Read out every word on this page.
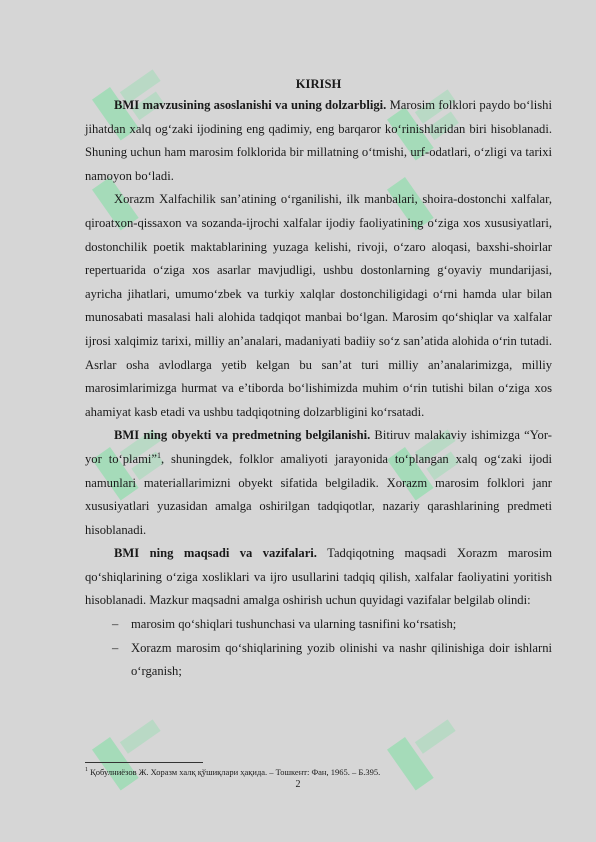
KIRISH

BMI mavzusining asoslanishi va uning dolzarbligi. Marosim folklori paydo bo‘lishi jihatdan xalq og‘zaki ijodining eng qadimiy, eng barqaror ko‘rinishlaridan biri hisoblanadi. Shuning uchun ham marosim folklorida bir millatning o‘tmishi, urf-odatlari, o‘zligi va tarixi namoyon bo‘ladi.

Xorazm Xalfachilik san’atining o‘rganilishi, ilk manbalari, shoira-dostonchi xalfalar, qiroatxon-qissaxon va sozanda-ijrochi xalfalar ijodiy faoliyatining o‘ziga xos xususiyatlari, dostonchilik poetik maktablarining yuzaga kelishi, rivoji, o‘zaro aloqasi, baxshi-shoirlar repertuarida o‘ziga xos asarlar mavjudligi, ushbu dostonlarning g‘oyaviy mundarijasi, ayricha jihatlari, umumo‘zbek va turkiy xalqlar dostonchiligidagi o‘rni hamda ular bilan munosabati masalasi hali alohida tadqiqot manbai bo‘lgan. Marosim qo‘shiqlar va xalfalar ijrosi xalqimiz tarixi, milliy an’analari, madaniyati badiiy so‘z san’atida alohida o‘rin tutadi. Asrlar osha avlodlarga yetib kelgan bu san’at turi milliy an’analarimizga, milliy marosimlarimizga hurmat va e’tiborda bo‘lishimizda muhim o‘rin tutishi bilan o‘ziga xos ahamiyat kasb etadi va ushbu tadqiqotning dolzarbligini ko‘rsatadi.

BMI ning obyekti va predmetning belgilanishi. Bitiruv malakaviy ishimizga “Yor-yor to‘plami”$^1$, shuningdek, folklor amaliyoti jarayonida to‘plangan xalq og‘zaki ijodi namunlari materiallarimizni obyekt sifatida belgiladik. Xorazm marosim folklori janr xususiyatlari yuzasidan amalga oshirilgan tadqiqotlar, nazariy qarashlarining predmeti hisoblanadi.

BMI ning maqsadi va vazifalari. Tadqiqotning maqsadi Xorazm marosim qo‘shiqlarining o‘ziga xosliklari va ijro usullarini tadqiq qilish, xalfalar faoliyatini yoritish hisoblanadi. Mazkur maqsadni amalga oshirish uchun quyidagi vazifalar belgilab olindi:

– marosim qo‘shiqlari tushunchasi va ularning tasnifini ko‘rsatish;
– Xorazm marosim qo‘shiqlarining yozib olinishi va nashr qilinishiga doir ishlarni o‘rganish;
$^1$ Қобулниёзов Ж. Хоразм халқ қўшиқлари ҳақида. – Тошкент: Фан, 1965. – Б.395.
2
